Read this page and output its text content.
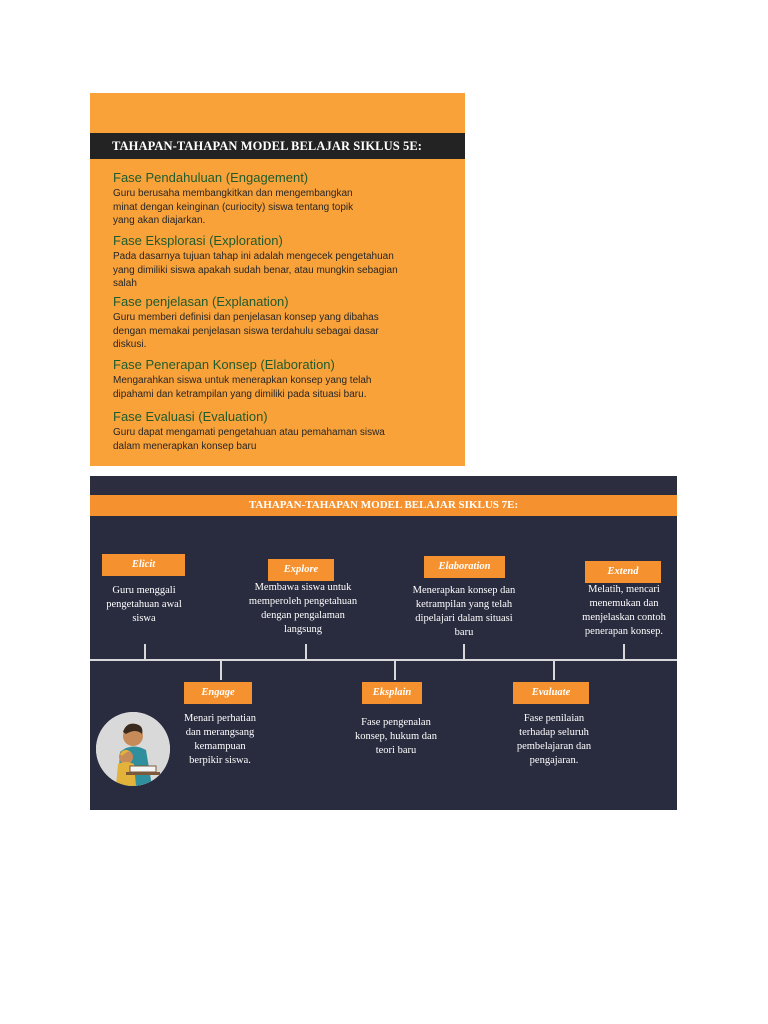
TAHAPAN-TAHAPAN MODEL BELAJAR SIKLUS 5E:
Fase Pendahuluan (Engagement)
Guru berusaha membangkitkan dan mengembangkan
minat dengan keinginan (curiocity) siswa tentang topik
yang akan diajarkan.
Fase Eksplorasi (Exploration)
Pada dasarnya tujuan tahap ini adalah mengecek pengetahuan
yang dimiliki siswa apakah sudah benar, atau mungkin sebagian
salah
Fase penjelasan (Explanation)
Guru memberi definisi dan penjelasan konsep yang dibahas
dengan memakai penjelasan siswa terdahulu sebagai dasar
diskusi.
Fase Penerapan Konsep (Elaboration)
Mengarahkan siswa untuk menerapkan konsep yang telah
dipahami dan ketrampilan yang dimiliki pada situasi baru.
Fase Evaluasi (Evaluation)
Guru dapat mengamati pengetahuan atau pemahaman siswa
dalam menerapkan konsep baru
TAHAPAN-TAHAPAN MODEL BELAJAR SIKLUS 7E:
Elicit
Guru menggali
pengetahuan awal
siswa
Engage
Menari perhatian
dan merangsang
kemampuan
berpikir siswa.
Explore
Membawa siswa untuk
memperoleh pengetahuan
dengan pengalaman
langsung
Eksplain
Fase pengenalan
konsep, hukum dan
teori baru
Elaboration
Menerapkan konsep dan
ketrampilan yang telah
dipelajari dalam situasi
baru
Evaluate
Fase penilaian
terhadap seluruh
pembelajaran dan
pengajaran.
Extend
Melatih, mencari
menemukan dan
menjelaskan contoh
penerapan konsep.
